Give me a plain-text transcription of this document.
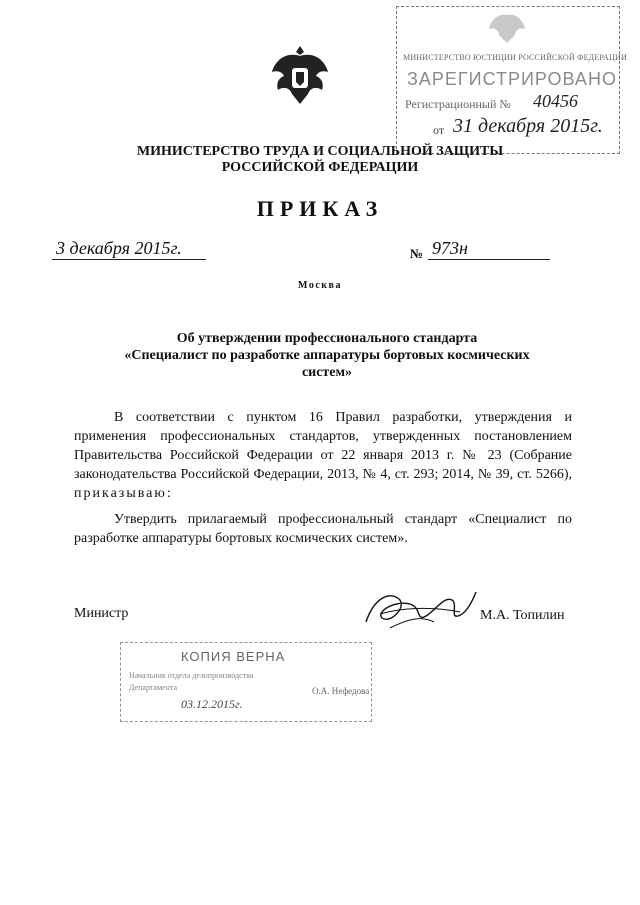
МИНИСТЕРСТВО ЮСТИЦИИ РОССИЙСКОЙ ФЕДЕРАЦИИ
ЗАРЕГИСТРИРОВАНО
Регистрационный № 40456
от 31 декабря 2015г.
МИНИСТЕРСТВО ТРУДА И СОЦИАЛЬНОЙ ЗАЩИТЫ
РОССИЙСКОЙ ФЕДЕРАЦИИ
ПРИКАЗ
3 декабря 2015г.	№ 973н
Москва
Об утверждении профессионального стандарта
«Специалист по разработке аппаратуры бортовых космических
систем»
В соответствии с пунктом 16 Правил разработки, утверждения и применения профессиональных стандартов, утвержденных постановлением Правительства Российской Федерации от 22 января 2013 г. № 23 (Собрание законодательства Российской Федерации, 2013, № 4, ст. 293; 2014, № 39, ст. 5266), приказываю:
Утвердить прилагаемый профессиональный стандарт «Специалист по разработке аппаратуры бортовых космических систем».
Министр	М.А. Топилин
КОПИЯ ВЕРНА
Начальник отдела делопроизводства
Департамента
03.12.2015г.
О.А. Нефедова
